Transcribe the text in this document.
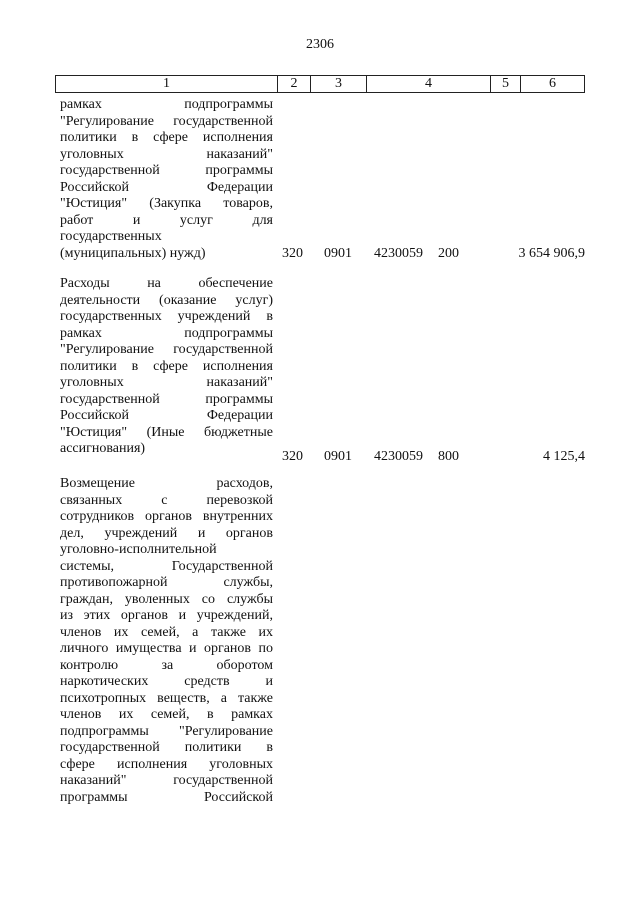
2306
1	2	3	4	5	6
рамках подпрограммы
"Регулирование государственной
политики в сфере исполнения
уголовных наказаний"
государственной программы
Российской Федерации
"Юстиция" (Закупка товаров,
работ и услуг для
государственных
(муниципальных) нужд)	320 0901 4230059 200	3 654 906,9
Расходы на обеспечение
деятельности (оказание услуг)
государственных учреждений в
рамках подпрограммы
"Регулирование государственной
политики в сфере исполнения
уголовных наказаний"
государственной программы
Российской Федерации
"Юстиция" (Иные бюджетные
ассигнования)
320 0901 4230059 800	4 125,4
Возмещение расходов,
связанных с перевозкой
сотрудников органов внутренних
дел, учреждений и органов
уголовно-исполнительной
системы, Государственной
противопожарной службы,
граждан, уволенных со службы
из этих органов и учреждений,
членов их семей, а также их
личного имущества и органов по
контролю за оборотом
наркотических средств и
психотропных веществ, а также
членов их семей, в рамках
подпрограммы "Регулирование
государственной политики в
сфере исполнения уголовных
наказаний" государственной
программы Российской
